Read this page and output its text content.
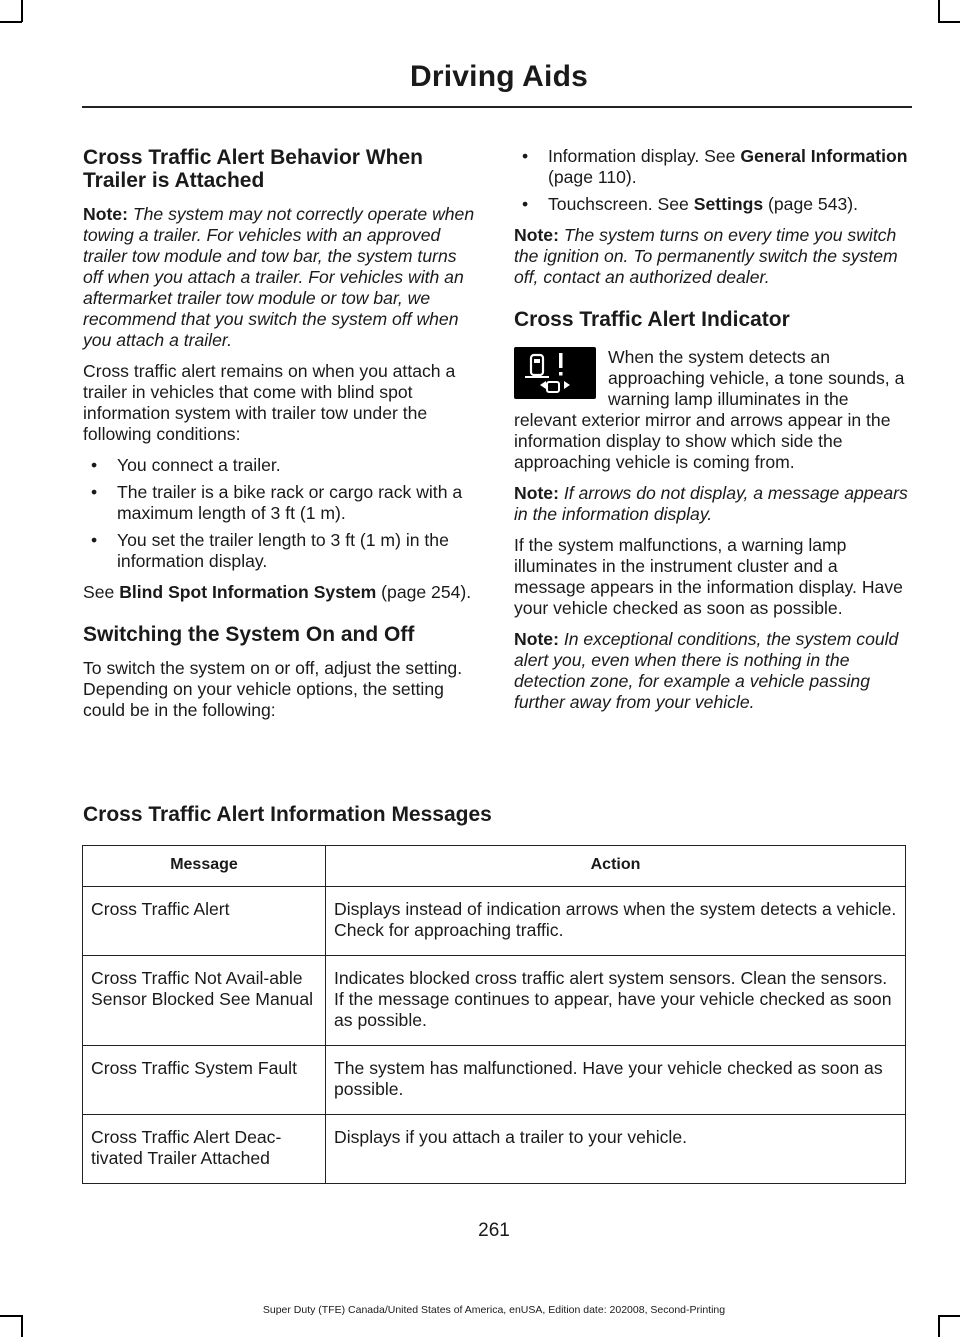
Driving Aids
Cross Traffic Alert Behavior When Trailer is Attached

Note: The system may not correctly operate when towing a trailer. For vehicles with an approved trailer tow module and tow bar, the system turns off when you attach a trailer. For vehicles with an aftermarket trailer tow module or tow bar, we recommend that you switch the system off when you attach a trailer.

Cross traffic alert remains on when you attach a trailer in vehicles that come with blind spot information system with trailer tow under the following conditions:

• You connect a trailer.
• The trailer is a bike rack or cargo rack with a maximum length of 3 ft (1 m).
• You set the trailer length to 3 ft (1 m) in the information display.

See Blind Spot Information System (page 254).

Switching the System On and Off

To switch the system on or off, adjust the setting. Depending on your vehicle options, the setting could be in the following:

• Information display. See General Information (page 110).
• Touchscreen. See Settings (page 543).

Note: The system turns on every time you switch the ignition on. To permanently switch the system off, contact an authorized dealer.

Cross Traffic Alert Indicator

When the system detects an approaching vehicle, a tone sounds, a warning lamp illuminates in the relevant exterior mirror and arrows appear in the information display to show which side the approaching vehicle is coming from.

Note: If arrows do not display, a message appears in the information display.

If the system malfunctions, a warning lamp illuminates in the instrument cluster and a message appears in the information display. Have your vehicle checked as soon as possible.

Note: In exceptional conditions, the system could alert you, even when there is nothing in the detection zone, for example a vehicle passing further away from your vehicle.

Cross Traffic Alert Information Messages
Message	Action
Cross Traffic Alert	Displays instead of indication arrows when the system detects a vehicle. Check for approaching traffic.
Cross Traffic Not Avail-able Sensor Blocked See Manual	Indicates blocked cross traffic alert system sensors. Clean the sensors. If the message continues to appear, have your vehicle checked as soon as possible.
Cross Traffic System Fault	The system has malfunctioned. Have your vehicle checked as soon as possible.
Cross Traffic Alert Deac-tivated Trailer Attached	Displays if you attach a trailer to your vehicle.
261
Super Duty (TFE) Canada/United States of America, enUSA, Edition date: 202008, Second-Printing
